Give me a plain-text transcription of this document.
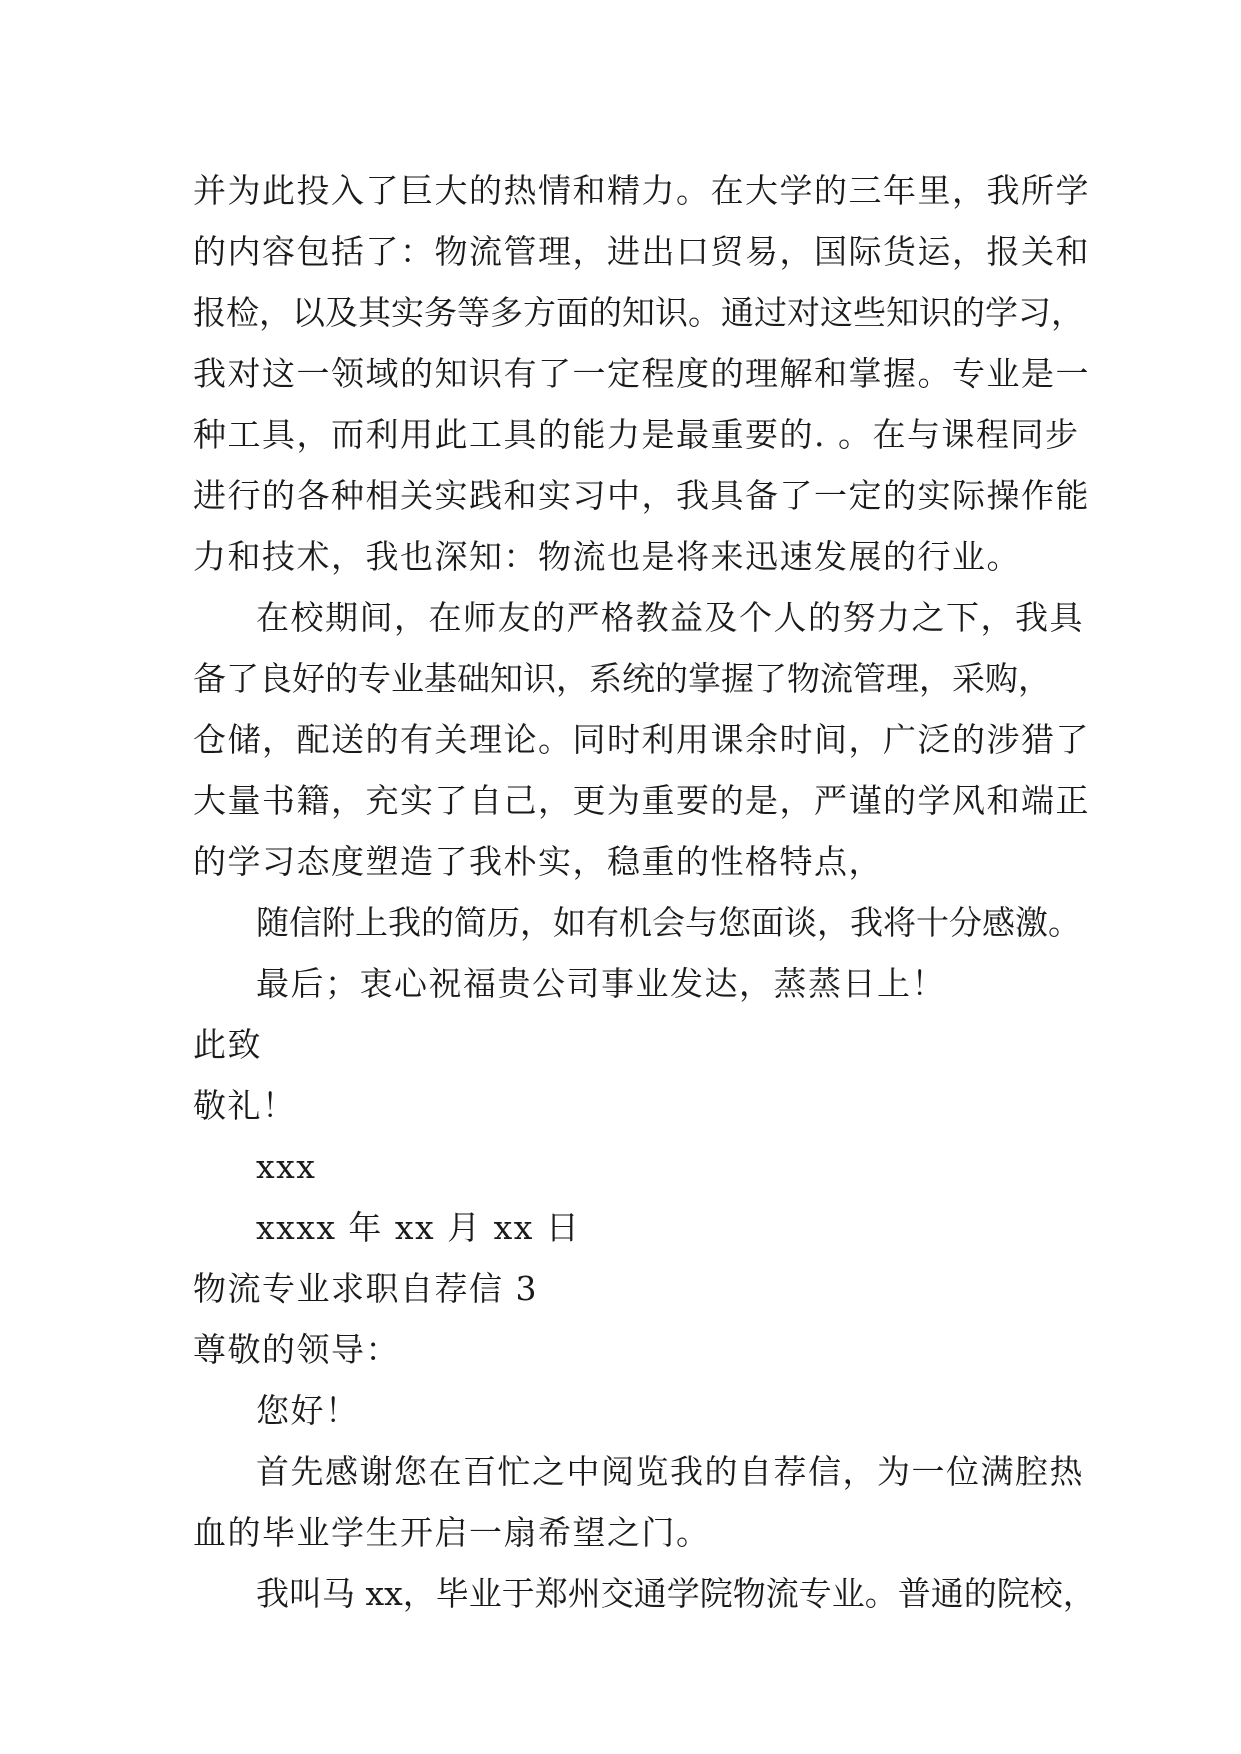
并为此投入了巨大的热情和精力。在大学的三年里，我所学
的内容包括了：物流管理，进出口贸易，国际货运，报关和
报检，以及其实务等多方面的知识。通过对这些知识的学习，
我对这一领域的知识有了一定程度的理解和掌握。专业是一
种工具，而利用此工具的能力是最重要的. 。在与课程同步
进行的各种相关实践和实习中，我具备了一定的实际操作能
力和技术，我也深知：物流也是将来迅速发展的行业。
在校期间，在师友的严格教益及个人的努力之下，我具
备了良好的专业基础知识，系统的掌握了物流管理，采购，
仓储，配送的有关理论。同时利用课余时间，广泛的涉猎了
大量书籍，充实了自己，更为重要的是，严谨的学风和端正
的学习态度塑造了我朴实，稳重的性格特点，
随信附上我的简历，如有机会与您面谈，我将十分感激。
最后；衷心祝福贵公司事业发达，蒸蒸日上！
此致
敬礼！
xxx
xxxx 年 xx 月 xx 日
物流专业求职自荐信 3
尊敬的领导：
您好！
首先感谢您在百忙之中阅览我的自荐信，为一位满腔热
血的毕业学生开启一扇希望之门。
我叫马 xx，毕业于郑州交通学院物流专业。普通的院校，
